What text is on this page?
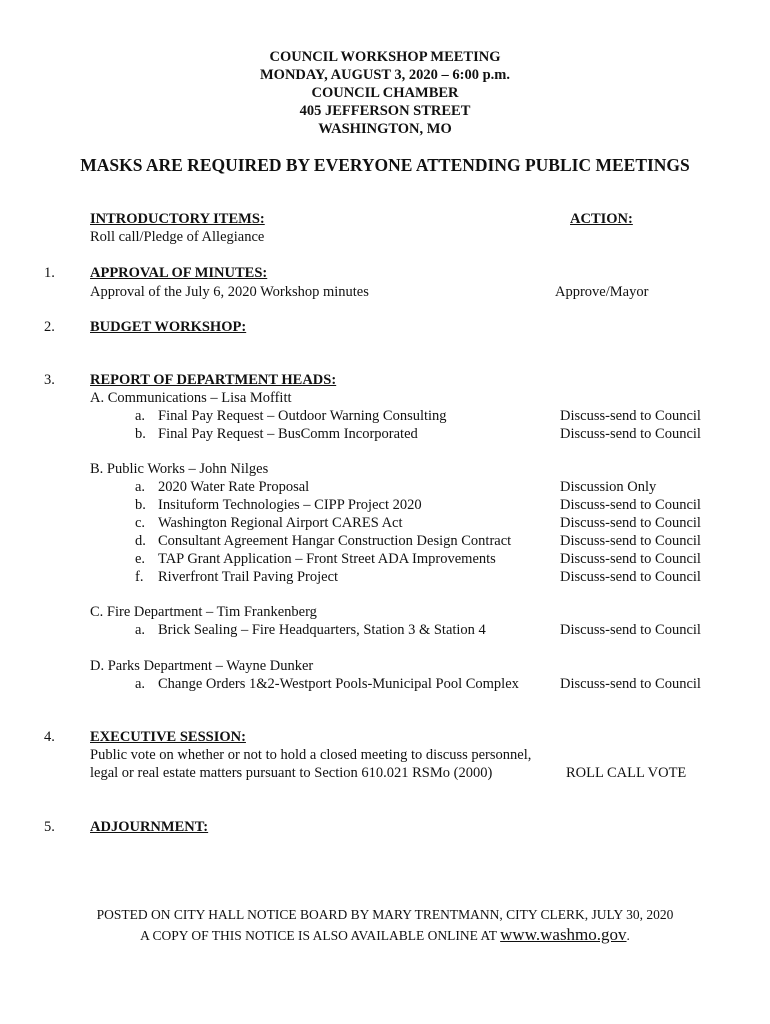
COUNCIL WORKSHOP MEETING
MONDAY, AUGUST 3, 2020 – 6:00 p.m.
COUNCIL CHAMBER
405 JEFFERSON STREET
WASHINGTON, MO
MASKS ARE REQUIRED BY EVERYONE ATTENDING PUBLIC MEETINGS
INTRODUCTORY ITEMS:	ACTION:
Roll call/Pledge of Allegiance
1. APPROVAL OF MINUTES:
Approval of the July 6, 2020 Workshop minutes	Approve/Mayor
2. BUDGET WORKSHOP:
3. REPORT OF DEPARTMENT HEADS:
A. Communications – Lisa Moffitt
a. Final Pay Request – Outdoor Warning Consulting	Discuss-send to Council
b. Final Pay Request – BusComm Incorporated	Discuss-send to Council
B. Public Works – John Nilges
a. 2020 Water Rate Proposal	Discussion Only
b. Insituform Technologies – CIPP Project 2020	Discuss-send to Council
c. Washington Regional Airport CARES Act	Discuss-send to Council
d. Consultant Agreement Hangar Construction Design Contract	Discuss-send to Council
e. TAP Grant Application – Front Street ADA Improvements	Discuss-send to Council
f. Riverfront Trail Paving Project	Discuss-send to Council
C. Fire Department – Tim Frankenberg
a. Brick Sealing – Fire Headquarters, Station 3 & Station 4	Discuss-send to Council
D. Parks Department – Wayne Dunker
a. Change Orders 1&2-Westport Pools-Municipal Pool Complex	Discuss-send to Council
4. EXECUTIVE SESSION:
Public vote on whether or not to hold a closed meeting to discuss personnel,
legal or real estate matters pursuant to Section 610.021 RSMo (2000)	ROLL CALL VOTE
5. ADJOURNMENT:
POSTED ON CITY HALL NOTICE BOARD BY MARY TRENTMANN, CITY CLERK, JULY 30, 2020
A COPY OF THIS NOTICE IS ALSO AVAILABLE ONLINE AT www.washmo.gov.
